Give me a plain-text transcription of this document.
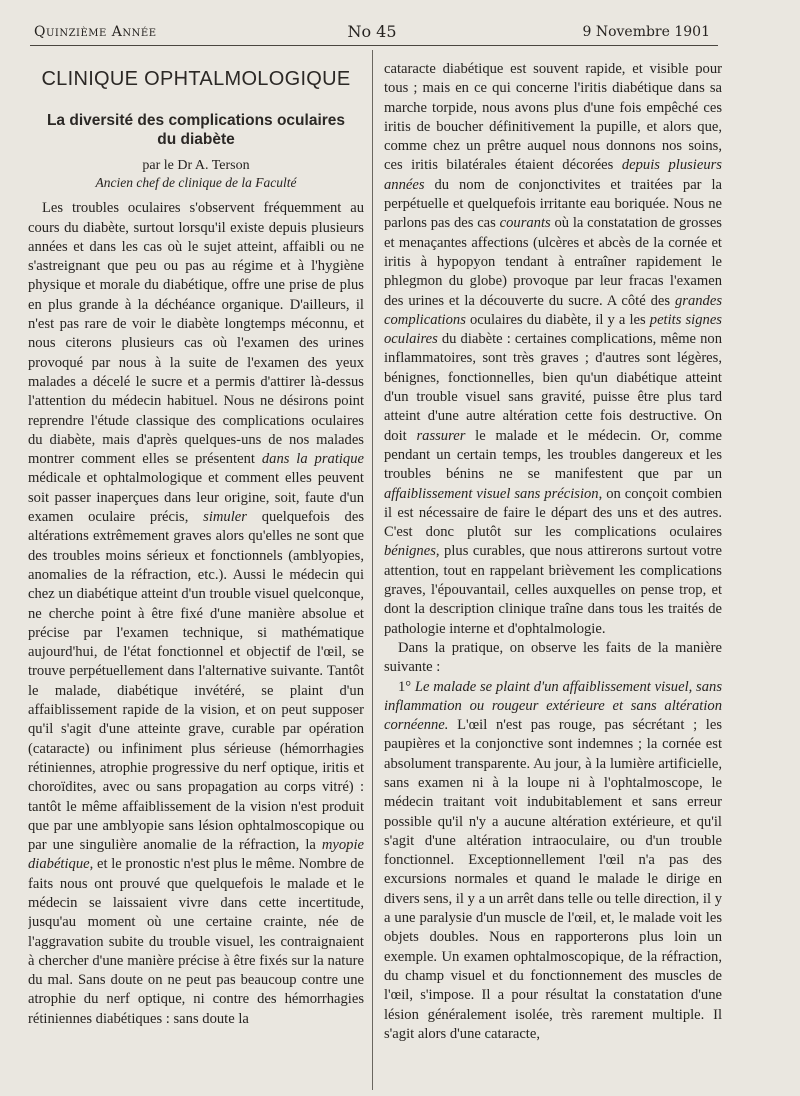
Quinzième Année	No 45	9 Novembre 1901
CLINIQUE OPHTALMOLOGIQUE
La diversité des complications oculaires du diabète
par le Dr A. Terson
Ancien chef de clinique de la Faculté

Les troubles oculaires s'observent fréquemment au cours du diabète, surtout lorsqu'il existe depuis plusieurs années et dans les cas où le sujet atteint, affaibli ou ne s'astreignant que peu ou pas au régime et à l'hygiène physique et morale du diabétique, offre une prise de plus en plus grande à la déchéance organique. D'ailleurs, il n'est pas rare de voir le diabète longtemps méconnu, et nous citerons plusieurs cas où l'examen des urines provoqué par nous à la suite de l'examen des yeux malades a décelé le sucre et a permis d'attirer là-dessus l'attention du médecin habituel. Nous ne désirons point reprendre l'étude classique des complications oculaires du diabète, mais d'après quelques-uns de nos malades montrer comment elles se présentent dans la pratique médicale et ophtalmologique et comment elles peuvent soit passer inaperçues dans leur origine, soit, faute d'un examen oculaire précis, simuler quelquefois des altérations extrêmement graves alors qu'elles ne sont que des troubles moins sérieux et fonctionnels (amblyopies, anomalies de la réfraction, etc.). Aussi le médecin qui chez un diabétique atteint d'un trouble visuel quelconque, ne cherche point à être fixé d'une manière absolue et précise par l'examen technique, si mathématique aujourd'hui, de l'état fonctionnel et objectif de l'œil, se trouve perpétuellement dans l'alternative suivante. Tantôt le malade, diabétique invétéré, se plaint d'un affaiblissement rapide de la vision, et on peut supposer qu'il s'agit d'une atteinte grave, curable par opération (cataracte) ou infiniment plus sérieuse (hémorrhagies rétiniennes, atrophie progressive du nerf optique, iritis et choroïdites, avec ou sans propagation au corps vitré) : tantôt le même affaiblissement de la vision n'est produit que par une amblyopie sans lésion ophtalmoscopique ou par une singulière anomalie de la réfraction, la myopie diabétique, et le pronostic n'est plus le même. Nombre de faits nous ont prouvé que quelquefois le malade et le médecin se laissaient vivre dans cette incertitude, jusqu'au moment où une certaine crainte, née de l'aggravation subite du trouble visuel, les contraignaient à chercher d'une manière précise à être fixés sur la nature du mal. Sans doute on ne peut pas beaucoup contre une atrophie du nerf optique, ni contre des hémorrhagies rétiniennes diabétiques : sans doute la

cataracte diabétique est souvent rapide, et visible pour tous ; mais en ce qui concerne l'iritis diabétique dans sa marche torpide, nous avons plus d'une fois empêché ces iritis de boucher définitivement la pupille, et alors que, comme chez un prêtre auquel nous donnons nos soins, ces iritis bilatérales étaient décorées depuis plusieurs années du nom de conjonctivites et traitées par la perpétuelle et quelquefois irritante eau boriquée. Nous ne parlons pas des cas courants où la constatation de grosses et menaçantes affections (ulcères et abcès de la cornée et iritis à hypopyon tendant à entraîner rapidement le phlegmon du globe) provoque par leur fracas l'examen des urines et la découverte du sucre. A côté des grandes complications oculaires du diabète, il y a les petits signes oculaires du diabète : certaines complications, même non inflammatoires, sont très graves ; d'autres sont légères, bénignes, fonctionnelles, bien qu'un diabétique atteint d'un trouble visuel sans gravité, puisse être plus tard atteint d'une autre altération cette fois destructive. On doit rassurer le malade et le médecin. Or, comme pendant un certain temps, les troubles dangereux et les troubles bénins ne se manifestent que par un affaiblissement visuel sans précision, on conçoit combien il est nécessaire de faire le départ des uns et des autres. C'est donc plutôt sur les complications oculaires bénignes, plus curables, que nous attirerons surtout votre attention, tout en rappelant brièvement les complications graves, l'épouvantail, celles auxquelles on pense trop, et dont la description clinique traîne dans tous les traités de pathologie interne et d'ophtalmologie.

Dans la pratique, on observe les faits de la manière suivante :

1° Le malade se plaint d'un affaiblissement visuel, sans inflammation ou rougeur extérieure et sans altération cornéenne. L'œil n'est pas rouge, pas sécrétant ; les paupières et la conjonctive sont indemnes ; la cornée est absolument transparente. Au jour, à la lumière artificielle, sans examen ni à la loupe ni à l'ophtalmoscope, le médecin traitant voit indubitablement et sans erreur possible qu'il n'y a aucune altération extérieure, et qu'il s'agit d'une altération intraoculaire, ou d'un trouble fonctionnel. Exceptionnellement l'œil n'a pas des excursions normales et quand le malade le dirige en divers sens, il y a un arrêt dans telle ou telle direction, il y a une paralysie d'un muscle de l'œil, et, le malade voit les objets doubles. Nous en rapporterons plus loin un exemple. Un examen ophtalmoscopique, de la réfraction, du champ visuel et du fonctionnement des muscles de l'œil, s'impose. Il a pour résultat la constatation d'une lésion généralement isolée, très rarement multiple. Il s'agit alors d'une cataracte,
